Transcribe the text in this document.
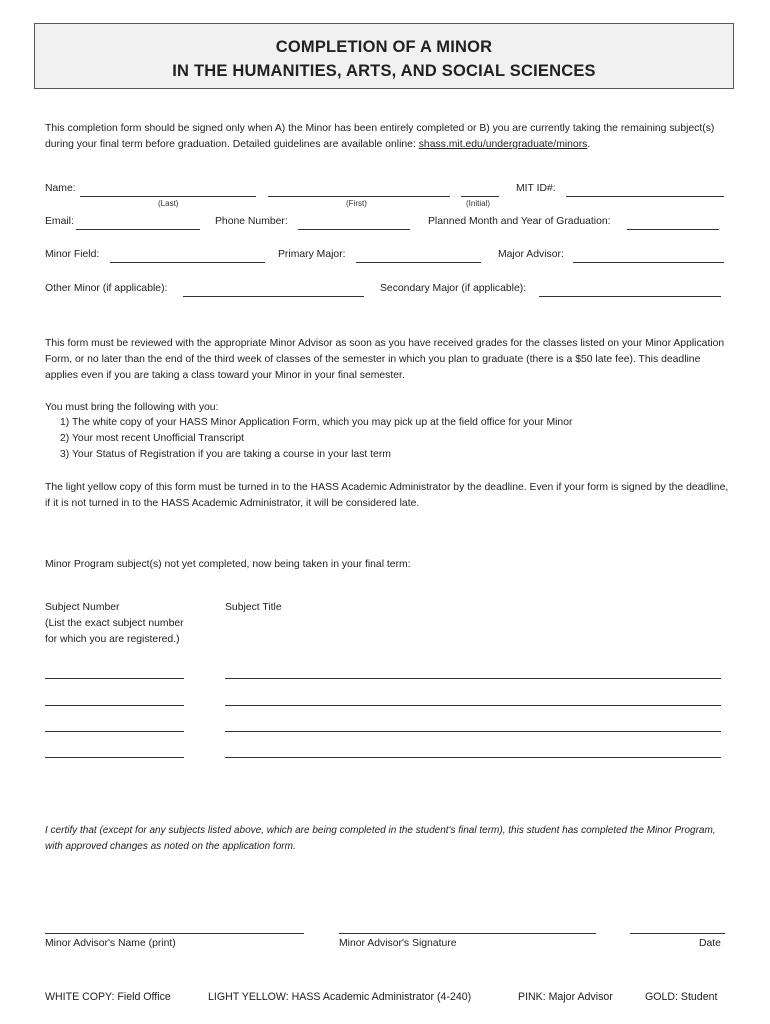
COMPLETION OF A MINOR
IN THE HUMANITIES, ARTS, AND SOCIAL SCIENCES
This completion form should be signed only when A) the Minor has been entirely completed or B) you are currently taking the remaining subject(s) during your final term before graduation. Detailed guidelines are available online: shass.mit.edu/undergraduate/minors.
Name:
(Last)	(First)	(Initial)
MIT ID#:
Email:	Phone Number:	Planned Month and Year of Graduation:
Minor Field:	Primary Major:	Major Advisor:
Other Minor (if applicable):	Secondary Major (if applicable):
This form must be reviewed with the appropriate Minor Advisor as soon as you have received grades for the classes listed on your Minor Application Form, or no later than the end of the third week of classes of the semester in which you plan to graduate (there is a $50 late fee). This deadline applies even if you are taking a class toward your Minor in your final semester.
You must bring the following with you:
1) The white copy of your HASS Minor Application Form, which you may pick up at the field office for your Minor
2) Your most recent Unofficial Transcript
3) Your Status of Registration if you are taking a course in your last term
The light yellow copy of this form must be turned in to the HASS Academic Administrator by the deadline. Even if your form is signed by the deadline, if it is not turned in to the HASS Academic Administrator, it will be considered late.
Minor Program subject(s) not yet completed, now being taken in your final term:
Subject Number
(List the exact subject number
for which you are registered.)
Subject Title
I certify that (except for any subjects listed above, which are being completed in the student's final term), this student has completed the Minor Program, with approved changes as noted on the application form.
Minor Advisor's Name (print)	Minor Advisor's Signature	Date
WHITE COPY: Field Office	LIGHT YELLOW: HASS Academic Administrator (4-240)	PINK: Major Advisor	GOLD: Student
